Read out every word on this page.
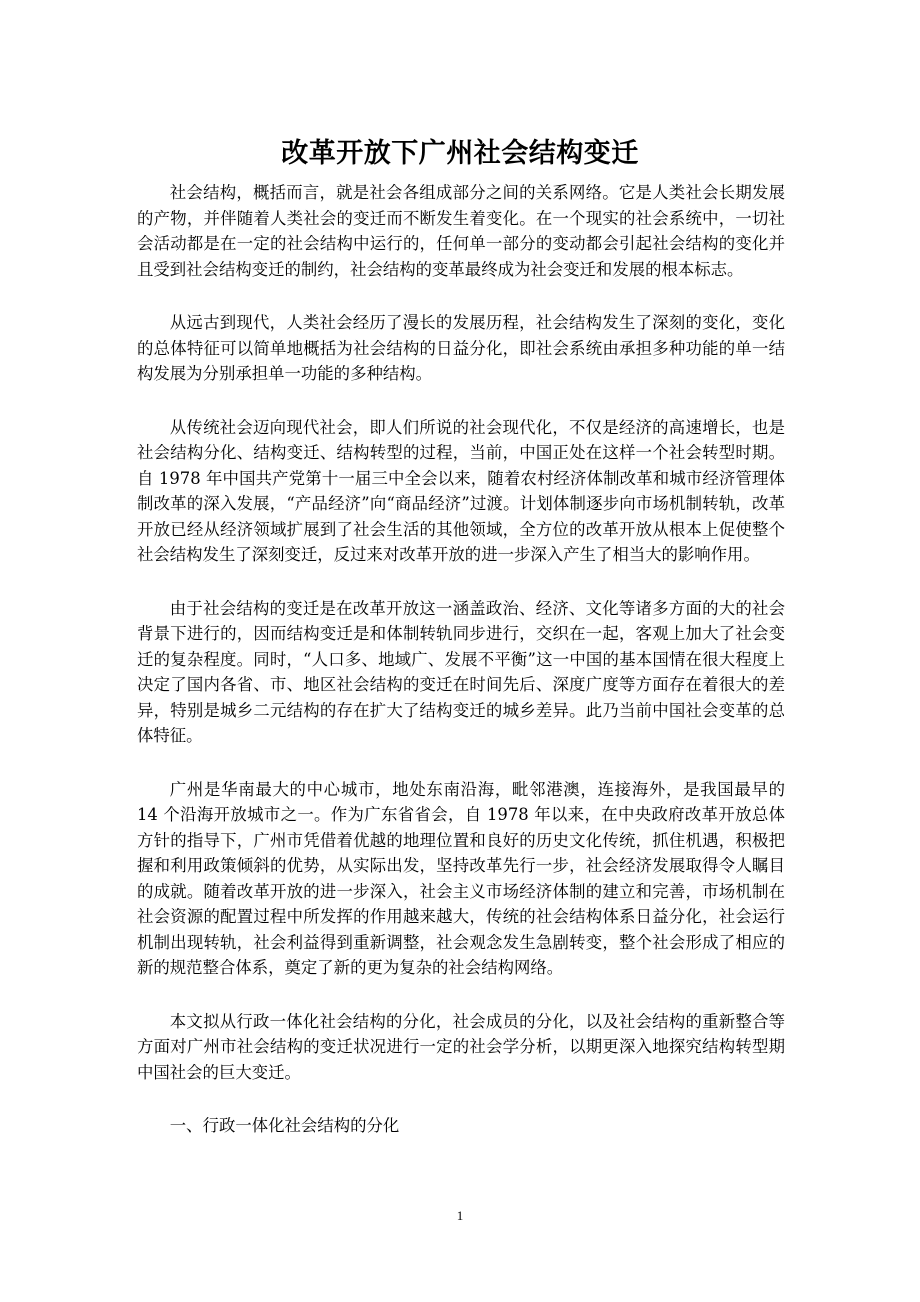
改革开放下广州社会结构变迁

社会结构，概括而言，就是社会各组成部分之间的关系网络。它是人类社会长期发展的产物，并伴随着人类社会的变迁而不断发生着变化。在一个现实的社会系统中，一切社会活动都是在一定的社会结构中运行的，任何单一部分的变动都会引起社会结构的变化并且受到社会结构变迁的制约，社会结构的变革最终成为社会变迁和发展的根本标志。

从远古到现代，人类社会经历了漫长的发展历程，社会结构发生了深刻的变化，变化的总体特征可以简单地概括为社会结构的日益分化，即社会系统由承担多种功能的单一结构发展为分别承担单一功能的多种结构。

从传统社会迈向现代社会，即人们所说的社会现代化，不仅是经济的高速增长，也是社会结构分化、结构变迁、结构转型的过程，当前，中国正处在这样一个社会转型时期。自 1978 年中国共产党第十一届三中全会以来，随着农村经济体制改革和城市经济管理体制改革的深入发展，“产品经济”向“商品经济”过渡。计划体制逐步向市场机制转轨，改革开放已经从经济领域扩展到了社会生活的其他领域，全方位的改革开放从根本上促使整个社会结构发生了深刻变迁，反过来对改革开放的进一步深入产生了相当大的影响作用。

由于社会结构的变迁是在改革开放这一涵盖政治、经济、文化等诸多方面的大的社会背景下进行的，因而结构变迁是和体制转轨同步进行，交织在一起，客观上加大了社会变迁的复杂程度。同时，“人口多、地域广、发展不平衡”这一中国的基本国情在很大程度上决定了国内各省、市、地区社会结构的变迁在时间先后、深度广度等方面存在着很大的差异，特别是城乡二元结构的存在扩大了结构变迁的城乡差异。此乃当前中国社会变革的总体特征。

广州是华南最大的中心城市，地处东南沿海，毗邻港澳，连接海外，是我国最早的 14 个沿海开放城市之一。作为广东省省会，自 1978 年以来，在中央政府改革开放总体方针的指导下，广州市凭借着优越的地理位置和良好的历史文化传统，抓住机遇，积极把握和利用政策倾斜的优势，从实际出发，坚持改革先行一步，社会经济发展取得令人瞩目的成就。随着改革开放的进一步深入，社会主义市场经济体制的建立和完善，市场机制在社会资源的配置过程中所发挥的作用越来越大，传统的社会结构体系日益分化，社会运行机制出现转轨，社会利益得到重新调整，社会观念发生急剧转变，整个社会形成了相应的新的规范整合体系，奠定了新的更为复杂的社会结构网络。

本文拟从行政一体化社会结构的分化，社会成员的分化，以及社会结构的重新整合等方面对广州市社会结构的变迁状况进行一定的社会学分析，以期更深入地探究结构转型期中国社会的巨大变迁。

一、行政一体化社会结构的分化

1
